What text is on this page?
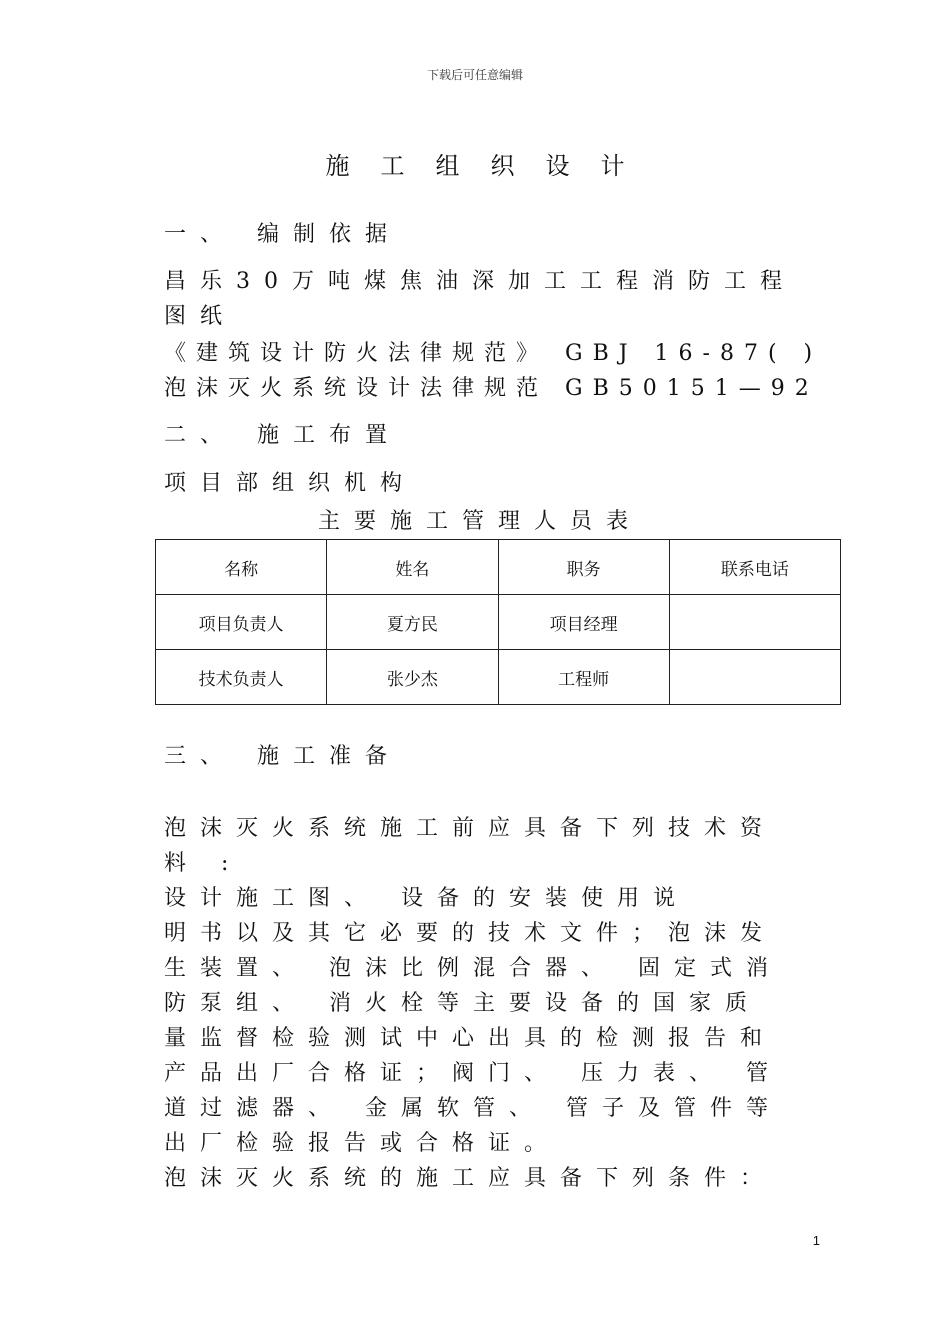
下载后可任意编辑
施工组织设计
一、 编制依据
昌乐30万吨煤焦油深加工工程消防工程
图纸
《建筑设计防火法律规范》 GBJ 16-87( )
泡沫灭火系统设计法律规范 GB50151—92
二、 施工布置
项目部组织机构
主要施工管理人员表
名称	姓名	职务	联系电话
项目负责人	夏方民	项目经理	
技术负责人	张少杰	工程师	
三、 施工准备
泡沫灭火系统施工前应具备下列技术资
料 :
设计施工图、 设备的安装使用说
明书以及其它必要的技术文件；泡沫发
生装置、 泡沫比例混合器、 固定式消
防泵组、 消火栓等主要设备的国家质
量监督检验测试中心出具的检测报告和
产品出厂合格证；阀门、 压力表、 管
道过滤器、 金属软管、 管子及管件等
出厂检验报告或合格证。
泡沫灭火系统的施工应具备下列条件：
1
